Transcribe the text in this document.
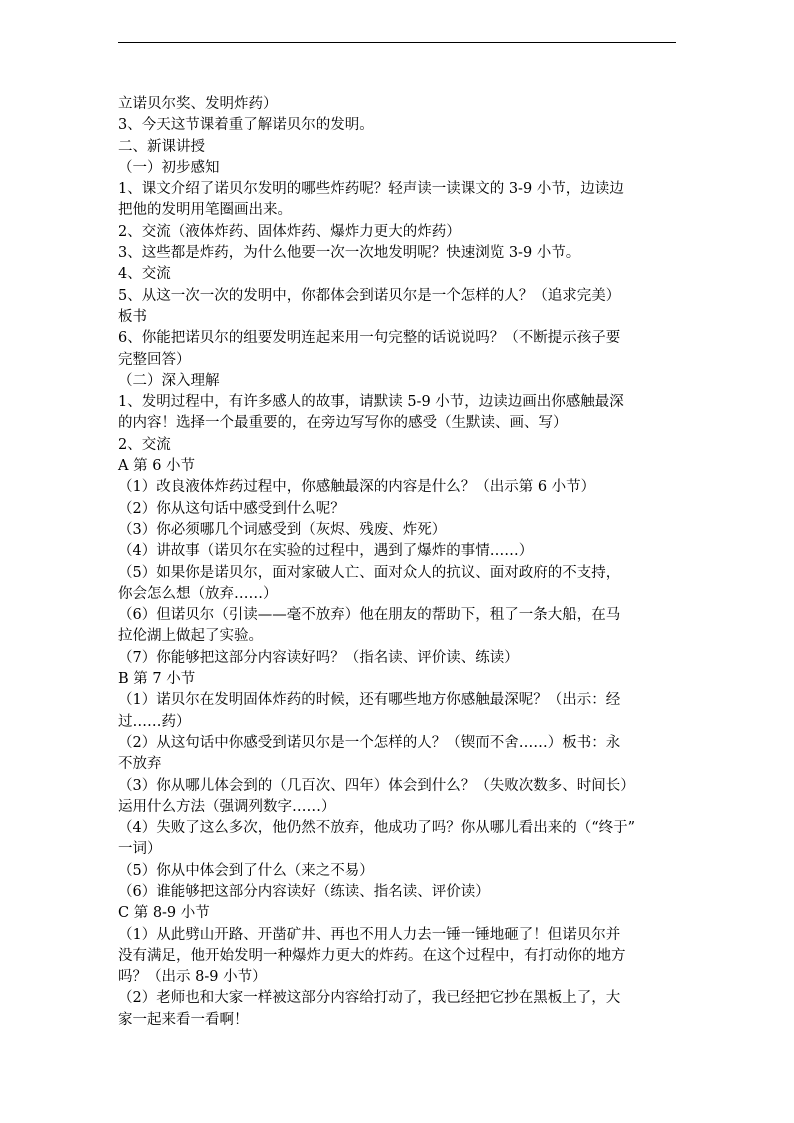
立诺贝尔奖、发明炸药）
3、今天这节课着重了解诺贝尔的发明。
二、新课讲授
（一）初步感知
1、课文介绍了诺贝尔发明的哪些炸药呢？轻声读一读课文的 3-9 小节，边读边
把他的发明用笔圈画出来。
2、交流（液体炸药、固体炸药、爆炸力更大的炸药）
3、这些都是炸药，为什么他要一次一次地发明呢？快速浏览 3-9 小节。
4、交流
5、从这一次一次的发明中，你都体会到诺贝尔是一个怎样的人？（追求完美）
板书
6、你能把诺贝尔的组要发明连起来用一句完整的话说说吗？（不断提示孩子要
完整回答）
（二）深入理解
1、发明过程中，有许多感人的故事，请默读 5-9 小节，边读边画出你感触最深
的内容！选择一个最重要的，在旁边写写你的感受（生默读、画、写）
2、交流
A 第 6 小节
（1）改良液体炸药过程中，你感触最深的内容是什么？（出示第 6 小节）
（2）你从这句话中感受到什么呢？
（3）你必须哪几个词感受到（灰烬、残废、炸死）
（4）讲故事（诺贝尔在实验的过程中，遇到了爆炸的事情……）
（5）如果你是诺贝尔，面对家破人亡、面对众人的抗议、面对政府的不支持，
你会怎么想（放弃……）
（6）但诺贝尔（引读——毫不放弃）他在朋友的帮助下，租了一条大船，在马
拉伦湖上做起了实验。
（7）你能够把这部分内容读好吗？（指名读、评价读、练读）
B 第 7 小节
（1）诺贝尔在发明固体炸药的时候，还有哪些地方你感触最深呢？（出示：经
过……药）
（2）从这句话中你感受到诺贝尔是一个怎样的人？（锲而不舍……）板书：永
不放弃
（3）你从哪儿体会到的（几百次、四年）体会到什么？（失败次数多、时间长）
运用什么方法（强调列数字……）
（4）失败了这么多次，他仍然不放弃，他成功了吗？你从哪儿看出来的（“终于”
一词）
（5）你从中体会到了什么（来之不易）
（6）谁能够把这部分内容读好（练读、指名读、评价读）
C 第 8-9 小节
（1）从此劈山开路、开凿矿井、再也不用人力去一锤一锤地砸了！但诺贝尔并
没有满足，他开始发明一种爆炸力更大的炸药。在这个过程中，有打动你的地方
吗？（出示 8-9 小节）
（2）老师也和大家一样被这部分内容给打动了，我已经把它抄在黑板上了，大
家一起来看一看啊！
